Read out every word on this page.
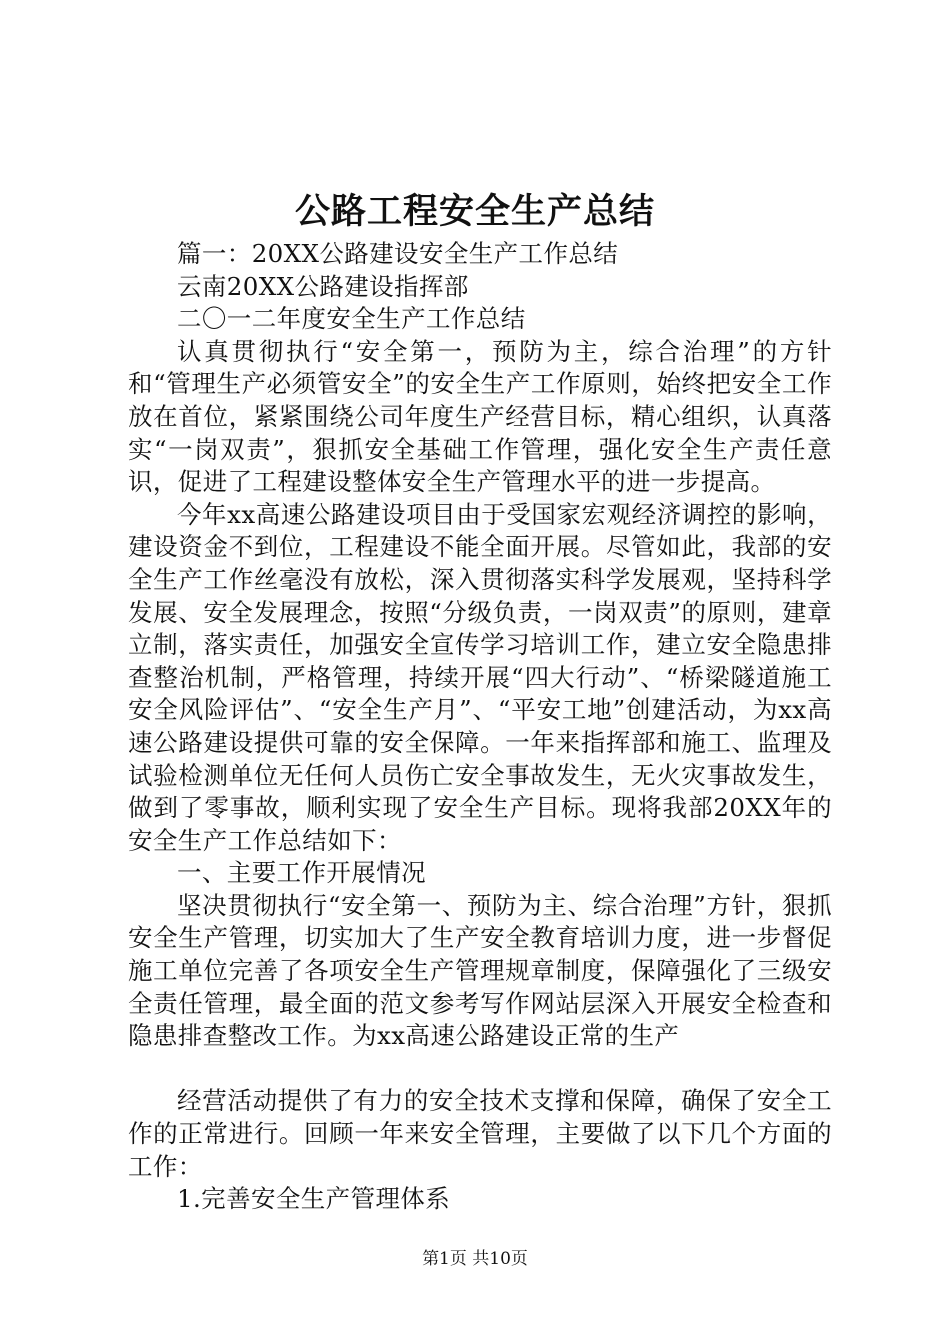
公路工程安全生产总结

篇一：20XX公路建设安全生产工作总结

云南20XX公路建设指挥部

二〇一二年度安全生产工作总结

认真贯彻执行“安全第一，预防为主，综合治理”的方针和“管理生产必须管安全”的安全生产工作原则，始终把安全工作放在首位，紧紧围绕公司年度生产经营目标，精心组织，认真落实“一岗双责”，狠抓安全基础工作管理，强化安全生产责任意识，促进了工程建设整体安全生产管理水平的进一步提高。

今年xx高速公路建设项目由于受国家宏观经济调控的影响，建设资金不到位，工程建设不能全面开展。尽管如此，我部的安全生产工作丝毫没有放松，深入贯彻落实科学发展观，坚持科学发展、安全发展理念，按照“分级负责，一岗双责”的原则，建章立制，落实责任，加强安全宣传学习培训工作，建立安全隐患排查整治机制，严格管理，持续开展“四大行动”、“桥梁隧道施工安全风险评估”、“安全生产月”、“平安工地”创建活动，为xx高速公路建设提供可靠的安全保障。一年来指挥部和施工、监理及试验检测单位无任何人员伤亡安全事故发生，无火灾事故发生，做到了零事故，顺利实现了安全生产目标。现将我部20XX年的安全生产工作总结如下：

一、主要工作开展情况

坚决贯彻执行“安全第一、预防为主、综合治理”方针，狠抓安全生产管理，切实加大了生产安全教育培训力度，进一步督促施工单位完善了各项安全生产管理规章制度，保障强化了三级安全责任管理，最全面的范文参考写作网站层深入开展安全检查和隐患排查整改工作。为xx高速公路建设正常的生产

经营活动提供了有力的安全技术支撑和保障，确保了安全工作的正常进行。回顾一年来安全管理，主要做了以下几个方面的工作：

1.完善安全生产管理体系

第1页 共10页
